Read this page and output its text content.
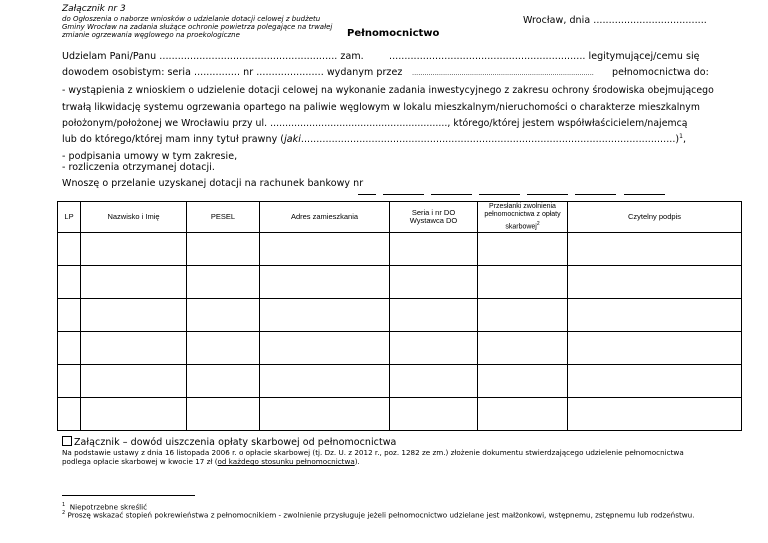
Załącznik nr 3
do Ogłoszenia o naborze wniosków o udzielanie dotacji celowej z budżetu
Gminy Wrocław na zadania służące ochronie powietrza polegające na trwałej
zmianie ogrzewania węglowego na proekologiczne	Pełnomocnictwo
Wrocław, dnia .....................................
Udzielam Pani/Panu .......................................................... zam.	................................................................ legitymującej/cemu się
dowodem osobistym: seria ............... nr ...................... wydanym przez ........................................................................................ pełnomocnictwa do:
- wystąpienia z wnioskiem o udzielenie dotacji celowej na wykonanie zadania inwestycyjnego z zakresu ochrony środowiska obejmującego
trwałą likwidację systemu ogrzewania opartego na paliwie węglowym w lokalu mieszkalnym/nieruchomości o charakterze mieszkalnym
położonym/położonej we Wrocławiu przy ul. ..........................................................., którego/której jestem współwłaścicielem/najemcą
lub do którego/której mam inny tytuł prawny (jaki..........................................................................................................................)$^1$,
- podpisania umowy w tym zakresie,
- rozliczenia otrzymanej dotacji.
Wnoszę o przelanie uzyskanej dotacji na rachunek bankowy nr

LP	Nazwisko i Imię	PESEL	Adres zamieszkania	Seria i nr DO Wystawca DO	Przesłanki zwolnienia pełnomocnictwa z opłaty skarbowej$^2$	Czytelny podpis

Załącznik – dowód uiszczenia opłaty skarbowej od pełnomocnictwa
Na podstawie ustawy z dnia 16 listopada 2006 r. o opłacie skarbowej (tj. Dz. U. z 2012 r., poz. 1282 ze zm.) złożenie dokumentu stwierdzającego udzielenie pełnomocnictwa
podlega opłacie skarbowej w kwocie 17 zł (od każdego stosunku pełnomocnictwa).
$^1$ Niepotrzebne skreślić
$^2$ Proszę wskazać stopień pokrewieństwa z pełnomocnikiem - zwolnienie przysługuje jeżeli pełnomocnictwo udzielane jest małżonkowi, wstępnemu, zstępnemu lub rodzeństwu.
